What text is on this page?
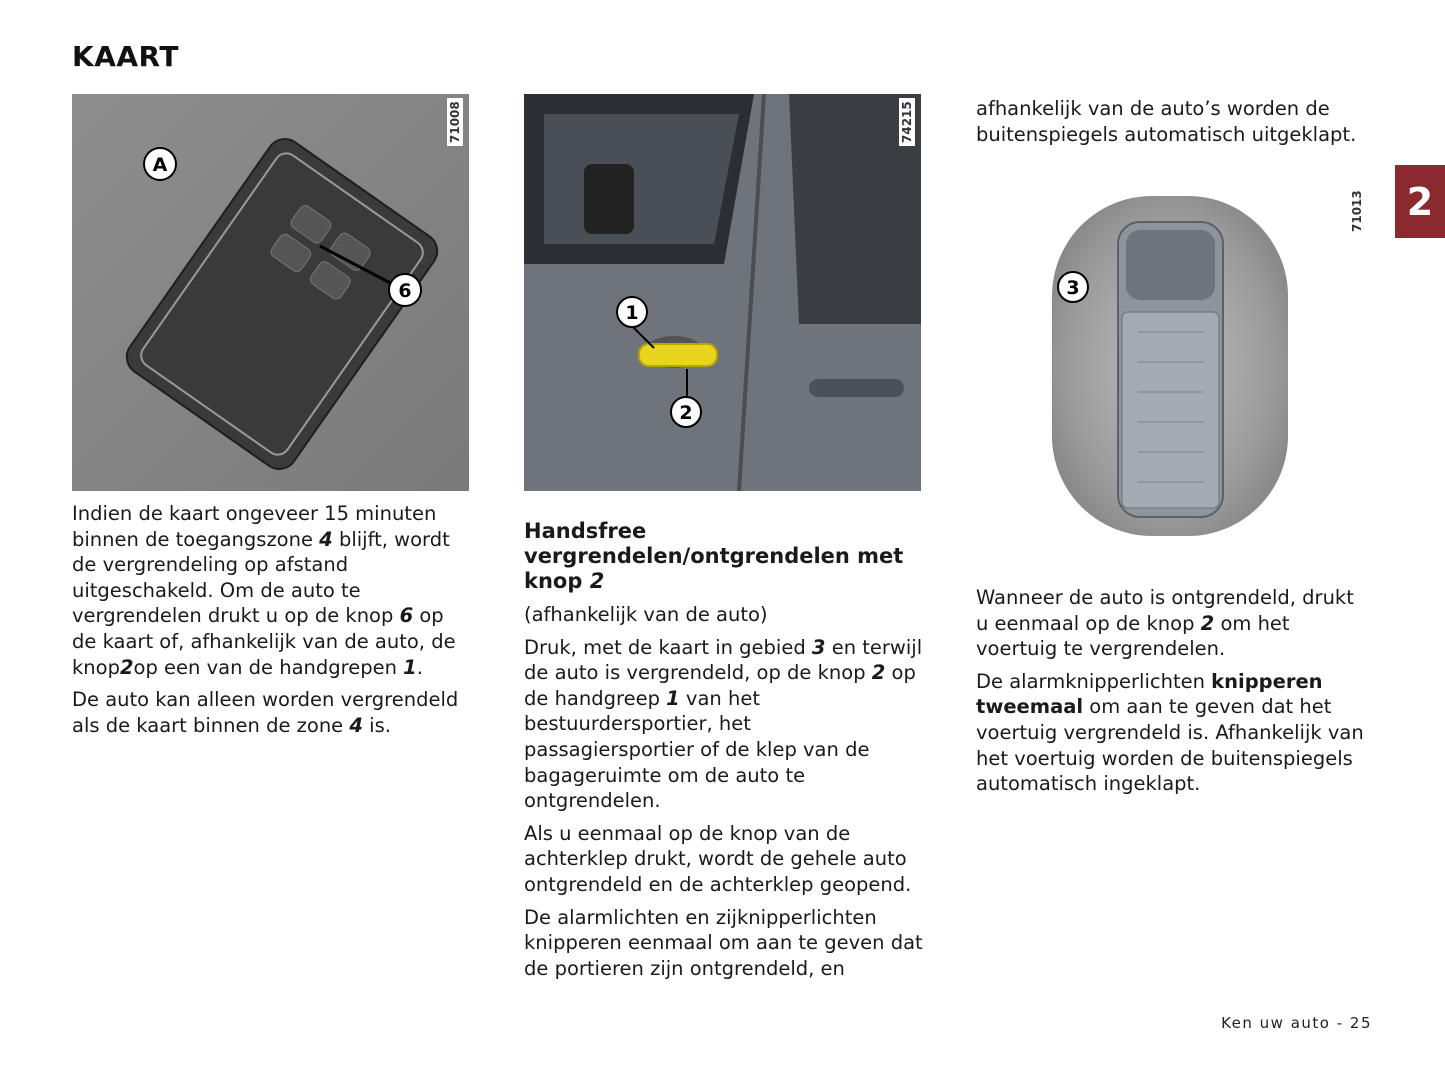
KAART
A
6
71008
1
2
74215

Indien de kaart ongeveer 15 minuten binnen de toegangszone 4 blijft, wordt de vergrendeling op afstand uitgeschakeld. Om de auto te vergrendelen drukt u op de knop 6 op de kaart of, afhankelijk van de auto, de knop2op een van de handgrepen 1.

De auto kan alleen worden vergrendeld als de kaart binnen de zone 4 is.

Handsfree vergrendelen/ontgrendelen met knop 2

(afhankelijk van de auto)

Druk, met de kaart in gebied 3 en terwijl de auto is vergrendeld, op de knop 2 op de handgreep 1 van het bestuurdersportier, het passagiersportier of de klep van de bagageruimte om de auto te ontgrendelen.

Als u eenmaal op de knop van de achterklep drukt, wordt de gehele auto ontgrendeld en de achterklep geopend.

De alarmlichten en zijknipperlichten knipperen eenmaal om aan te geven dat de portieren zijn ontgrendeld, en

afhankelijk van de auto’s worden de buitenspiegels automatisch uitgeklapt.

3
71013

Wanneer de auto is ontgrendeld, drukt u eenmaal op de knop 2 om het voertuig te vergrendelen.

De alarmknipperlichten knipperen tweemaal om aan te geven dat het voertuig vergrendeld is. Afhankelijk van het voertuig worden de buitenspiegels automatisch ingeklapt.

2
Ken uw auto - 25
